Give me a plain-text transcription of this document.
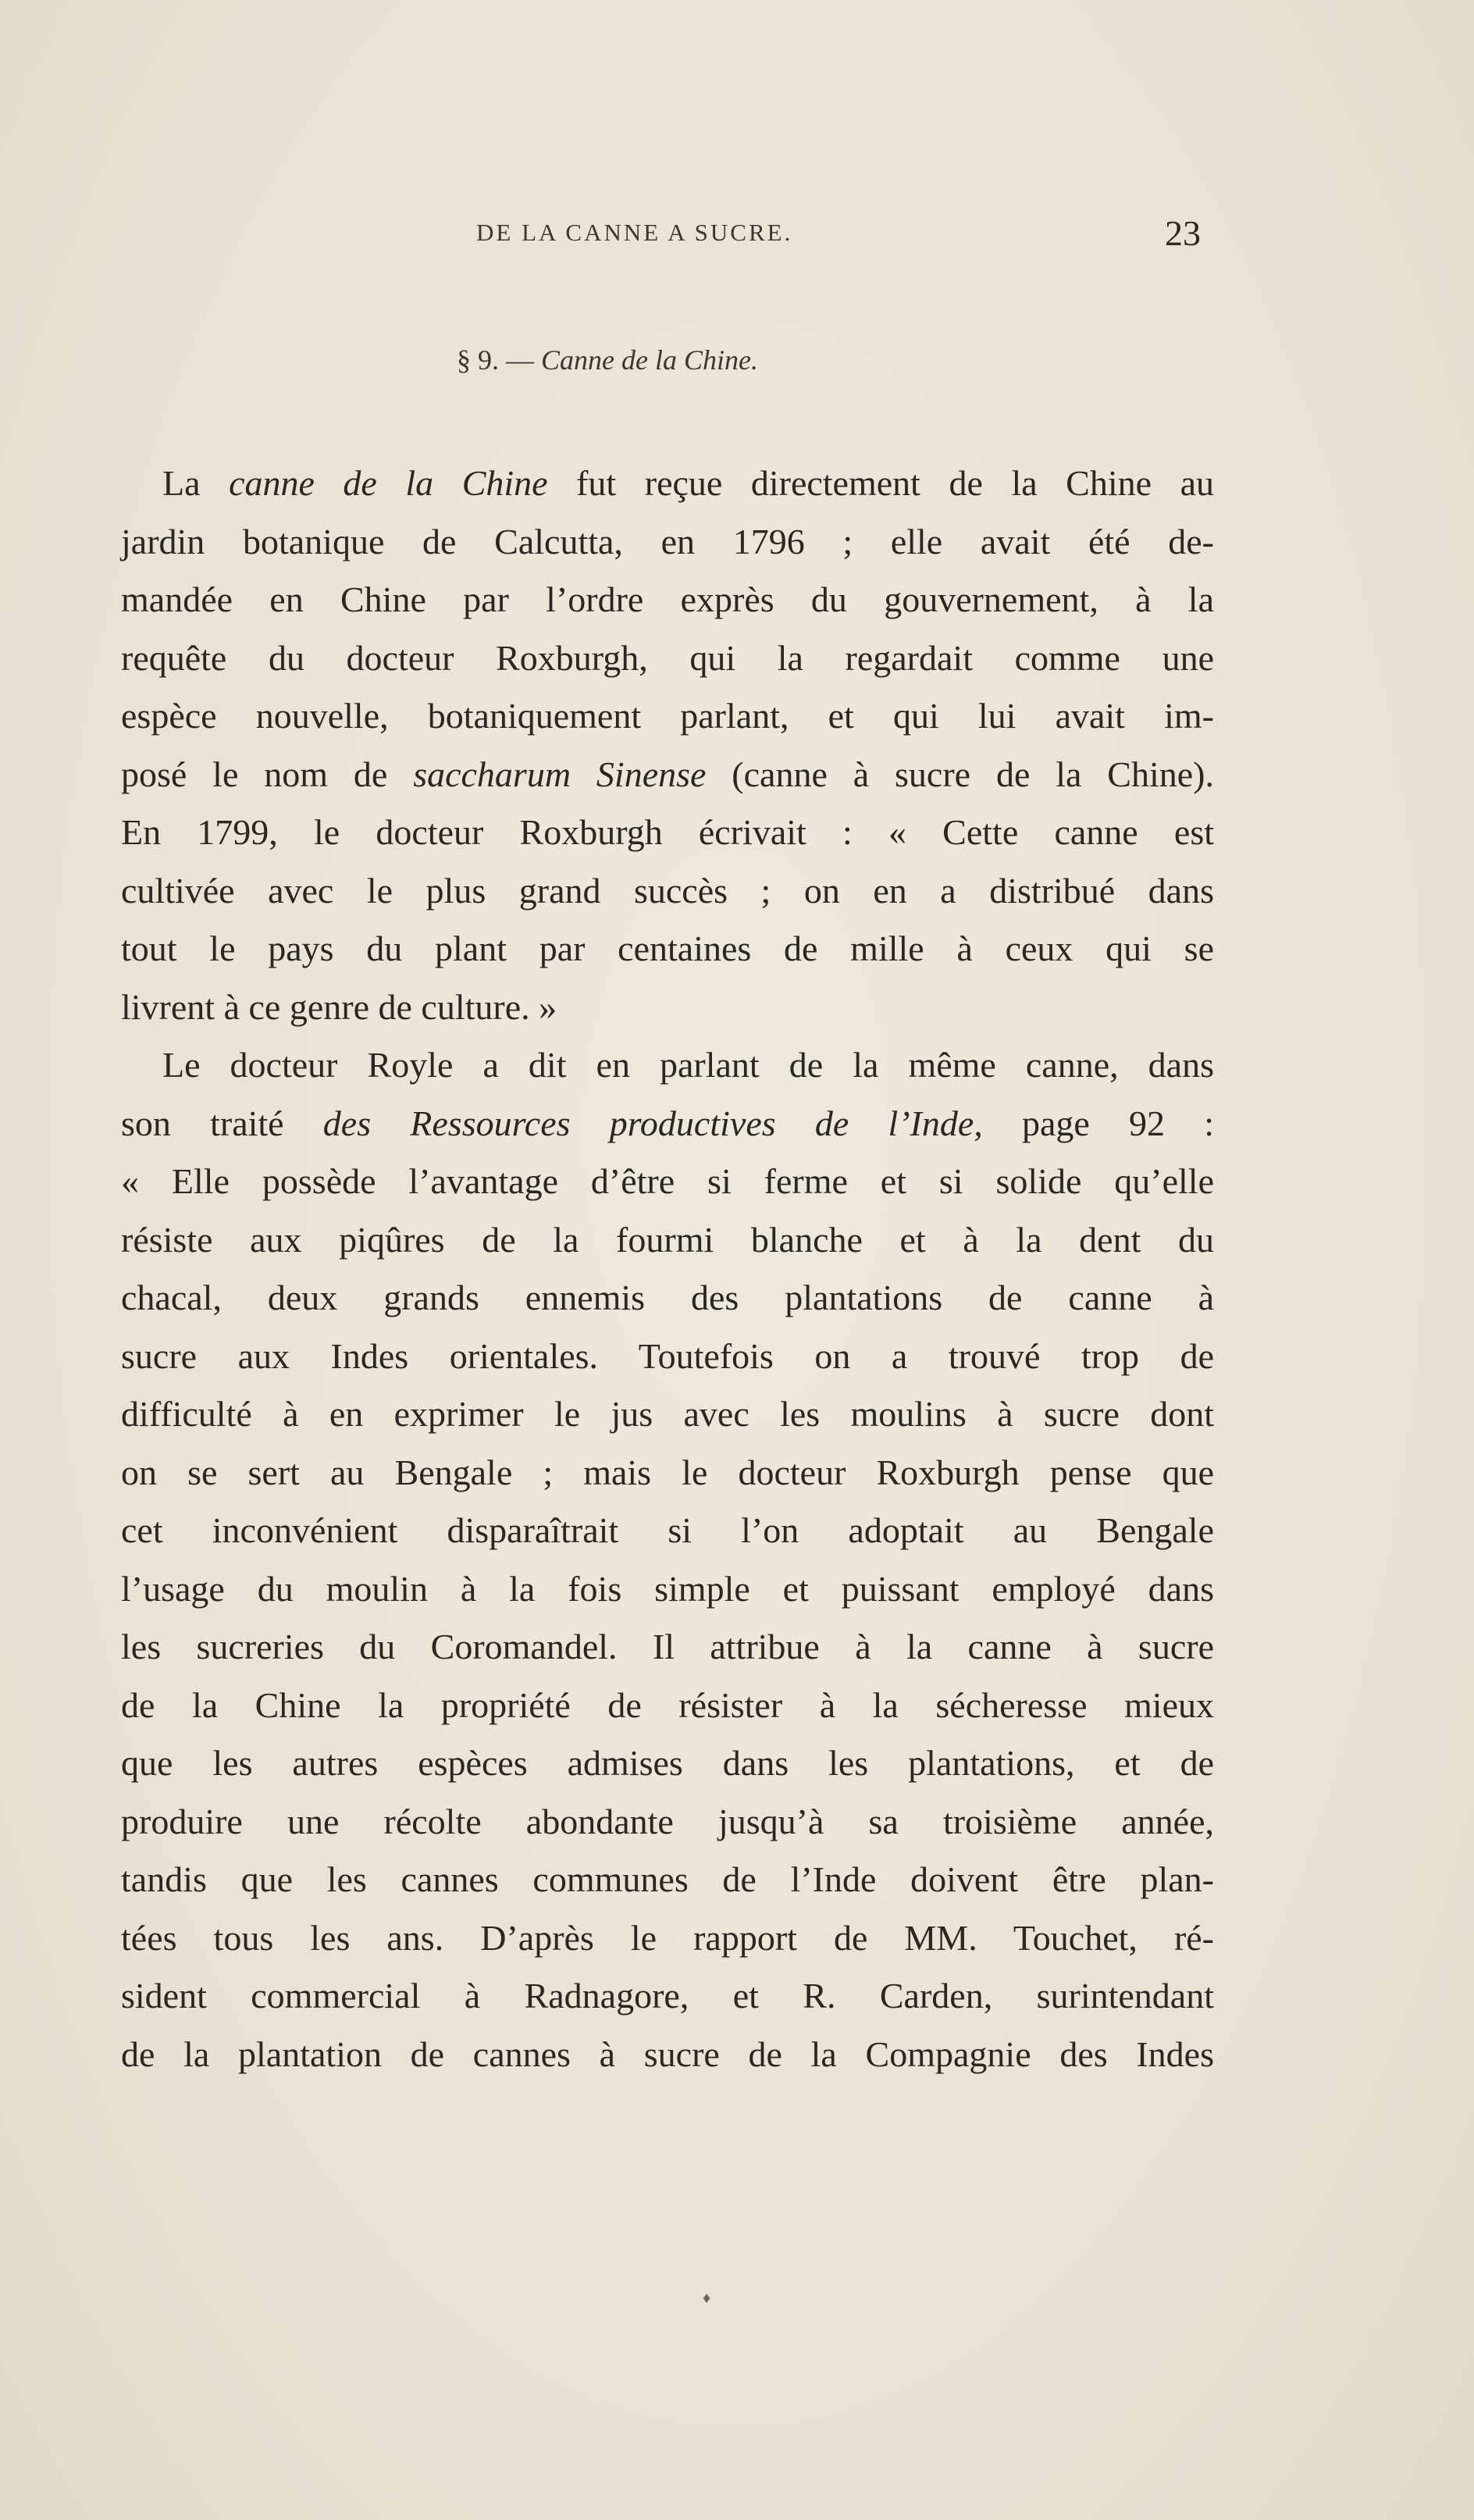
DE LA CANNE A SUCRE.	23
§ 9. — Canne de la Chine.
La canne de la Chine fut reçue directement de la Chine au
jardin botanique de Calcutta, en 1796 ; elle avait été de-
mandée en Chine par l’ordre exprès du gouvernement, à la
requête du docteur Roxburgh, qui la regardait comme une
espèce nouvelle, botaniquement parlant, et qui lui avait im-
posé le nom de saccharum Sinense (canne à sucre de la Chine).
En 1799, le docteur Roxburgh écrivait : « Cette canne est
cultivée avec le plus grand succès ; on en a distribué dans
tout le pays du plant par centaines de mille à ceux qui se
livrent à ce genre de culture. »
Le docteur Royle a dit en parlant de la même canne, dans
son traité des Ressources productives de l’Inde, page 92 :
« Elle possède l’avantage d’être si ferme et si solide qu’elle
résiste aux piqûres de la fourmi blanche et à la dent du
chacal, deux grands ennemis des plantations de canne à
sucre aux Indes orientales. Toutefois on a trouvé trop de
difficulté à en exprimer le jus avec les moulins à sucre dont
on se sert au Bengale ; mais le docteur Roxburgh pense que
cet inconvénient disparaîtrait si l’on adoptait au Bengale
l’usage du moulin à la fois simple et puissant employé dans
les sucreries du Coromandel. Il attribue à la canne à sucre
de la Chine la propriété de résister à la sécheresse mieux
que les autres espèces admises dans les plantations, et de
produire une récolte abondante jusqu’à sa troisième année,
tandis que les cannes communes de l’Inde doivent être plan-
tées tous les ans. D’après le rapport de MM. Touchet, ré-
sident commercial à Radnagore, et R. Carden, surintendant
de la plantation de cannes à sucre de la Compagnie des Indes
♦
